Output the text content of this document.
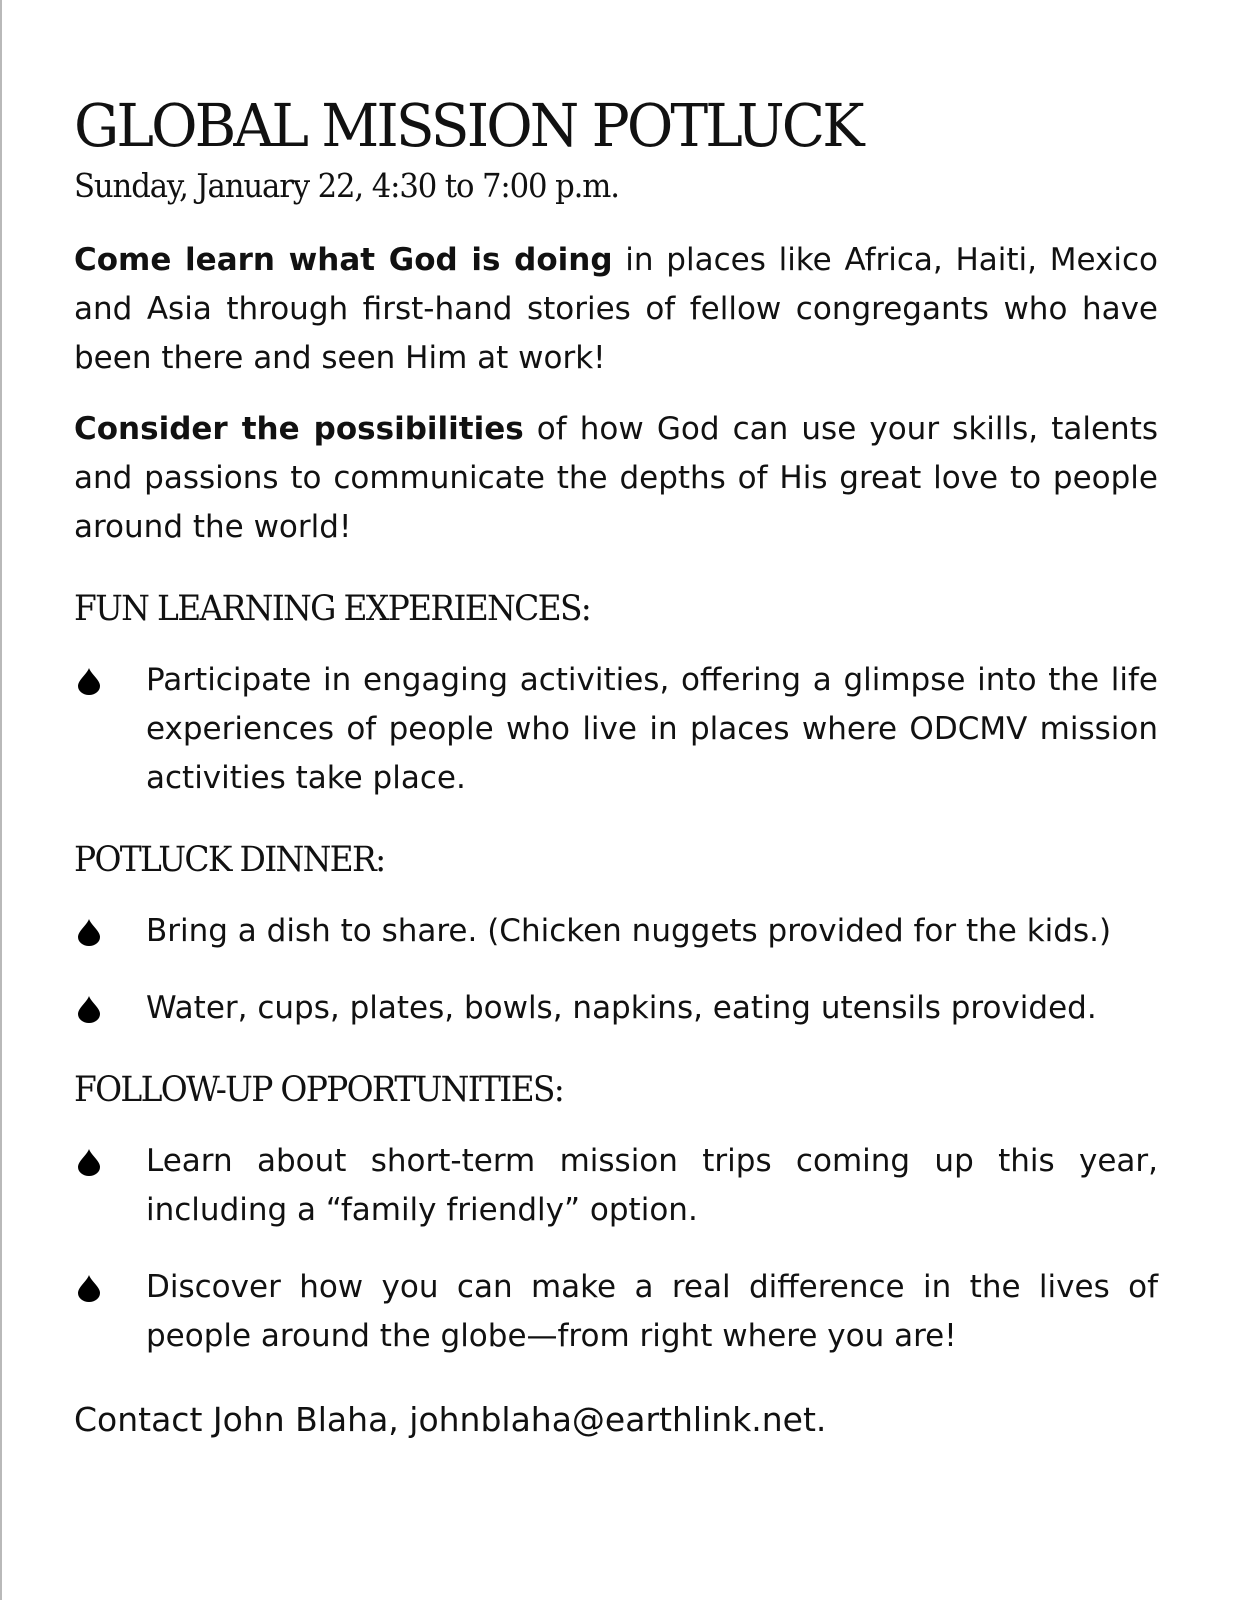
GLOBAL MISSION POTLUCK
Sunday, January 22, 4:30 to 7:00 p.m.

Come learn what God is doing in places like Africa, Haiti, Mexico and Asia through first-hand stories of fellow congregants who have been there and seen Him at work!

Consider the possibilities of how God can use your skills, talents and passions to communicate the depths of His great love to people around the world!

FUN LEARNING EXPERIENCES:
Participate in engaging activities, offering a glimpse into the life experiences of people who live in places where ODCMV mission activities take place.
POTLUCK DINNER:
Bring a dish to share. (Chicken nuggets provided for the kids.)
Water, cups, plates, bowls, napkins, eating utensils provided.
FOLLOW-UP OPPORTUNITIES:
Learn about short-term mission trips coming up this year, including a “family friendly” option.
Discover how you can make a real difference in the lives of people around the globe—from right where you are!

Contact John Blaha, johnblaha@earthlink.net.
